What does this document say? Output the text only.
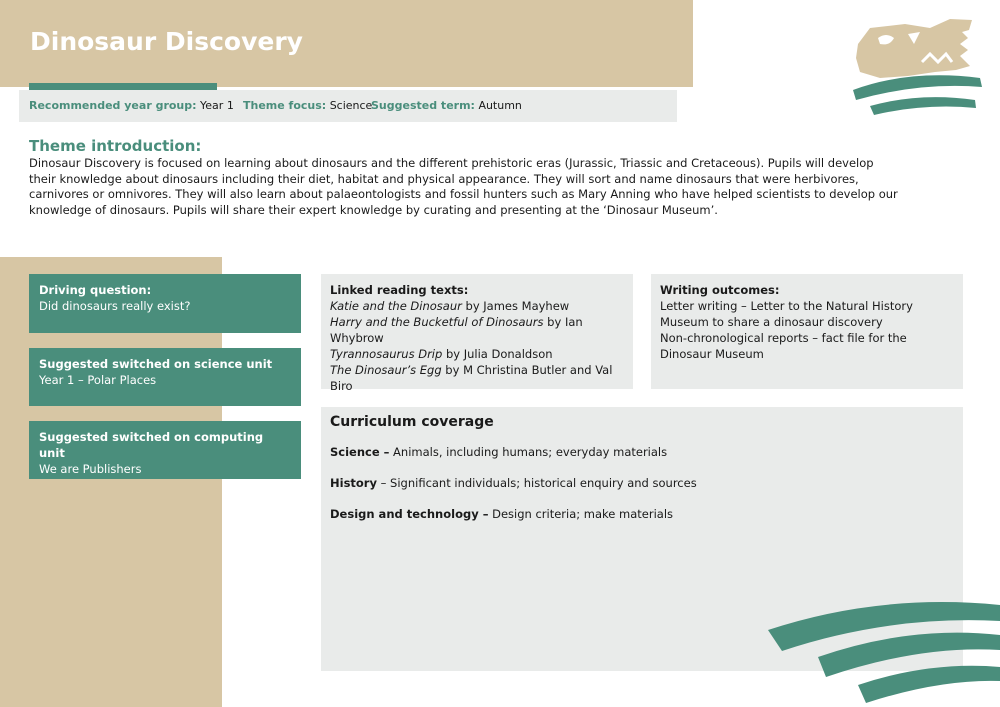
Dinosaur Discovery
Recommended year group: Year 1 Theme focus: Science
Suggested term: Autumn
Theme introduction:
Dinosaur Discovery is focused on learning about dinosaurs and the different prehistoric eras (Jurassic, Triassic and Cretaceous). Pupils will develop their knowledge about dinosaurs including their diet, habitat and physical appearance. They will sort and name dinosaurs that were herbivores, carnivores or omnivores. They will also learn about palaeontologists and fossil hunters such as Mary Anning who have helped scientists to develop our knowledge of dinosaurs. Pupils will share their expert knowledge by curating and presenting at the ‘Dinosaur Museum’.
Driving question:
Did dinosaurs really exist?
Suggested switched on science unit
Year 1 – Polar Places
Suggested switched on computing unit
We are Publishers
Linked reading texts:
Katie and the Dinosaur by James Mayhew
Harry and the Bucketful of Dinosaurs by Ian Whybrow
Tyrannosaurus Drip by Julia Donaldson
The Dinosaur’s Egg by M Christina Butler and Val Biro
Writing outcomes:
Letter writing – Letter to the Natural History Museum to share a dinosaur discovery
Non-chronological reports – fact file for the Dinosaur Museum
Curriculum coverage
Science – Animals, including humans; everyday materials
History – Significant individuals; historical enquiry and sources
Design and technology – Design criteria; make materials
